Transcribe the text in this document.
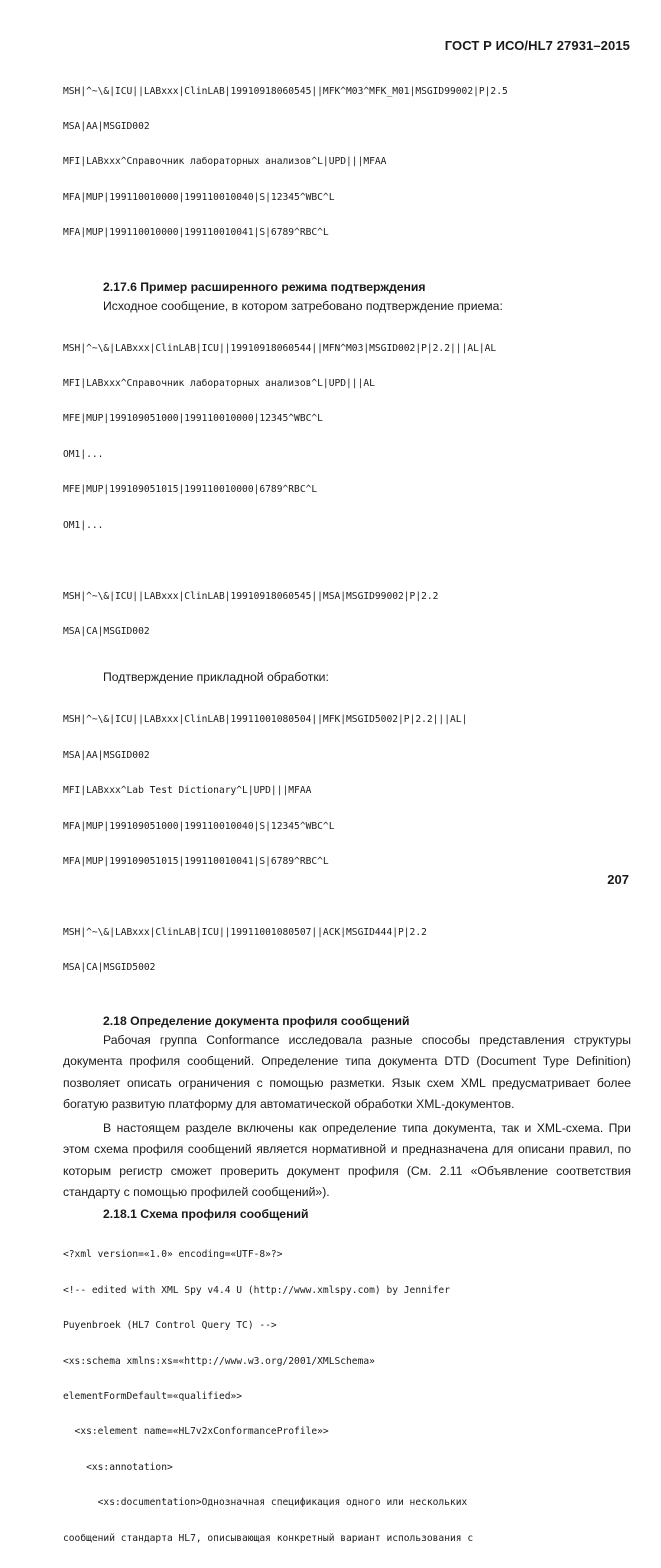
ГОСТ Р ИСО/HL7 27931–2015

MSH|^~\&|ICU||LABxxx|ClinLAB|19910918060545||MFK^M03^MFK_M01|MSGID99002|P|2.5

MSA|AA|MSGID002

MFI|LABxxx^Справочник лабораторных анализов^L|UPD|||MFAA

MFA|MUP|199110010000|199110010040|S|12345^WBC^L

MFA|MUP|199110010000|199110010041|S|6789^RBC^L

2.17.6 Пример расширенного режима подтверждения
Исходное сообщение, в котором затребовано подтверждение приема:

MSH|^~\&|LABxxx|ClinLAB|ICU||19910918060544||MFN^M03|MSGID002|P|2.2|||AL|AL

MFI|LABxxx^Справочник лабораторных анализов^L|UPD|||AL

MFE|MUP|199109051000|199110010000|12345^WBC^L

OM1|...

MFE|MUP|199109051015|199110010000|6789^RBC^L

OM1|...

MSH|^~\&|ICU||LABxxx|ClinLAB|19910918060545||MSA|MSGID99002|P|2.2

MSA|CA|MSGID002

Подтверждение прикладной обработки:

MSH|^~\&|ICU||LABxxx|ClinLAB|19911001080504||MFK|MSGID5002|P|2.2|||AL|

MSA|AA|MSGID002

MFI|LABxxx^Lab Test Dictionary^L|UPD|||MFAA

MFA|MUP|199109051000|199110010040|S|12345^WBC^L

MFA|MUP|199109051015|199110010041|S|6789^RBC^L

MSH|^~\&|LABxxx|ClinLAB|ICU||19911001080507||ACK|MSGID444|P|2.2

MSA|CA|MSGID5002

2.18 Определение документа профиля сообщений
Рабочая группа Conformance исследовала разные способы представления структуры документа профиля сообщений. Определение типа документа DTD (Document Type Definition) позволяет описать ограничения с помощью разметки. Язык схем XML предусматривает более богатую развитую платформу для автоматической обработки XML-документов.
В настоящем разделе включены как определение типа документа, так и XML-схема. При этом схема профиля сообщений является нормативной и предназначена для описани правил, по которым регистр сможет проверить документ профиля (См. 2.11 «Объявление соответствия стандарту с помощью профилей сообщений»).
2.18.1 Схема профиля сообщений

<?xml version=«1.0» encoding=«UTF-8»?>

<!-- edited with XML Spy v4.4 U (http://www.xmlspy.com) by Jennifer

Puyenbroek (HL7 Control Query TC) -->

<xs:schema xmlns:xs=«http://www.w3.org/2001/XMLSchema»

elementFormDefault=«qualified»>

<xs:element name=«HL7v2xConformanceProfile»>

<xs:annotation>

<xs:documentation>Однозначная спецификация одного или нескольких

сообщений стандарта HL7, описывающая конкретный вариант использования с

207
